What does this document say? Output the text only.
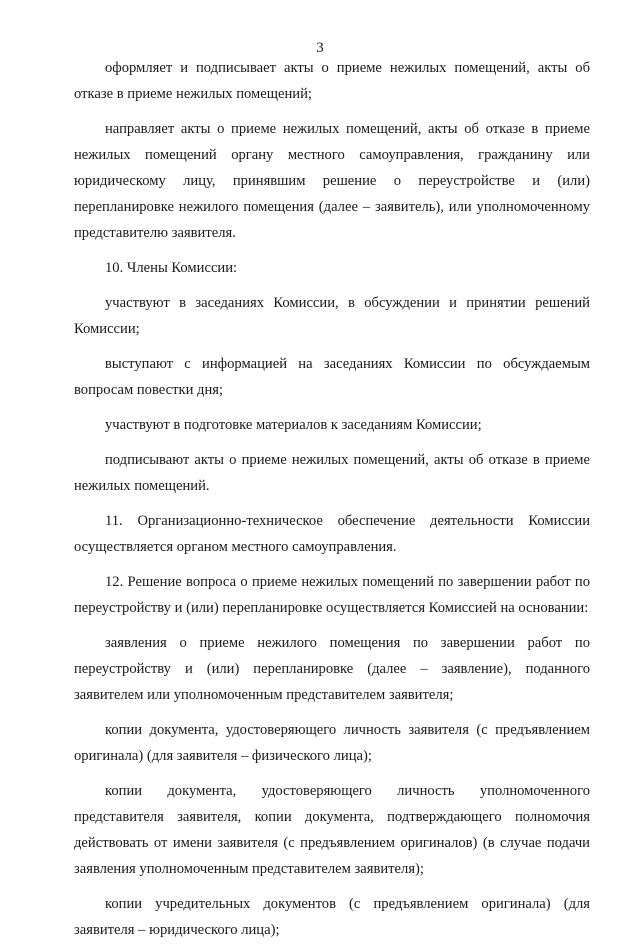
3

оформляет и подписывает акты о приеме нежилых помещений, акты об отказе в приеме нежилых помещений;

направляет акты о приеме нежилых помещений, акты об отказе в приеме нежилых помещений органу местного самоуправления, гражданину или юридическому лицу, принявшим решение о переустройстве и (или) перепланировке нежилого помещения (далее – заявитель), или уполномоченному представителю заявителя.

10. Члены Комиссии:

участвуют в заседаниях Комиссии, в обсуждении и принятии решений Комиссии;

выступают с информацией на заседаниях Комиссии по обсуждаемым вопросам повестки дня;

участвуют в подготовке материалов к заседаниям Комиссии;

подписывают акты о приеме нежилых помещений, акты об отказе в приеме нежилых помещений.

11. Организационно-техническое обеспечение деятельности Комиссии осуществляется органом местного самоуправления.

12. Решение вопроса о приеме нежилых помещений по завершении работ по переустройству и (или) перепланировке осуществляется Комиссией на основании:

заявления о приеме нежилого помещения по завершении работ по переустройству и (или) перепланировке (далее – заявление), поданного заявителем или уполномоченным представителем заявителя;

копии документа, удостоверяющего личность заявителя (с предъявлением оригинала) (для заявителя – физического лица);

копии документа, удостоверяющего личность уполномоченного представителя заявителя, копии документа, подтверждающего полномочия действовать от имени заявителя (с предъявлением оригиналов) (в случае подачи заявления уполномоченным представителем заявителя);

копии учредительных документов (с предъявлением оригинала) (для заявителя – юридического лица);
